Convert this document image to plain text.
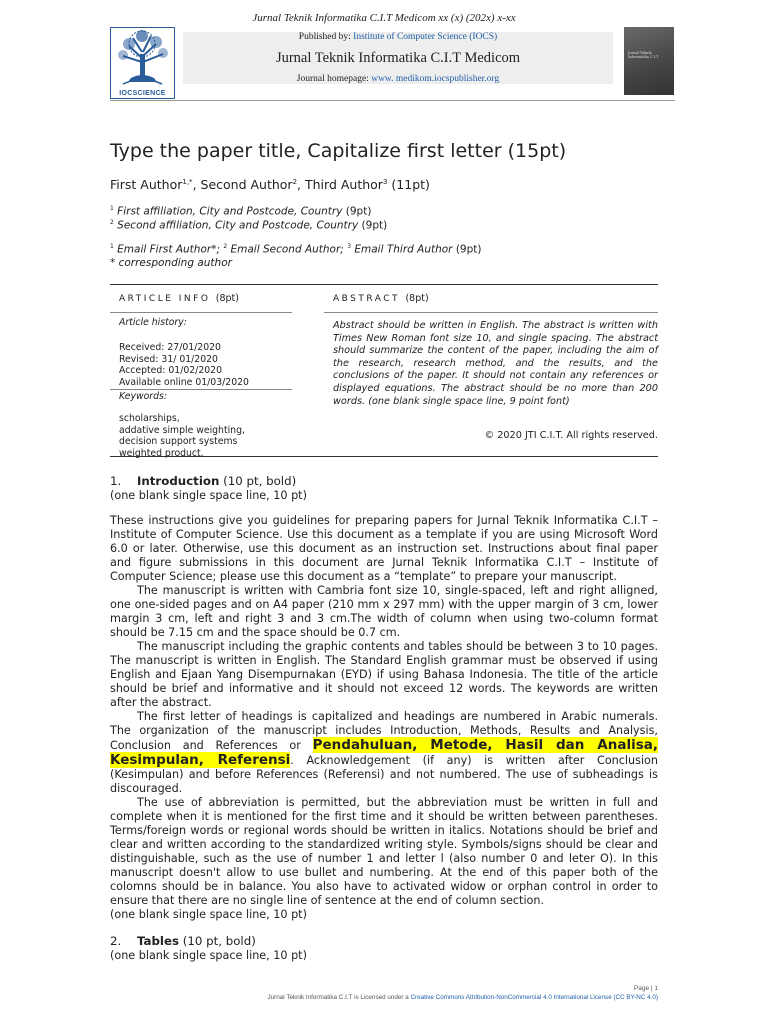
Jurnal Teknik Informatika C.I.T Medicom xx (x) (202x) x-xx
IOCSCIENCE
Published by: Institute of Computer Science (IOCS)
Jurnal Teknik Informatika C.I.T Medicom
Journal homepage: www. medikom.iocspublisher.org
Jurnal Teknik Informatika C.I.T
Type the paper title, Capitalize first letter (15pt)
First Author$^{1,*}$, Second Author$^2$, Third Author$^3$ (11pt)
$^1$ First affiliation, City and Postcode, Country (9pt)
$^2$ Second affiliation, City and Postcode, Country (9pt)
$^1$ Email First Author*; $^2$ Email Second Author; $^3$ Email Third Author (9pt)
* corresponding author
ARTICLE INFO (8pt)	ABSTRACT (8pt)
Article history:
Received: 27/01/2020
Revised: 31/ 01/2020
Accepted: 01/02/2020
Available online 01/03/2020
Keywords:
scholarships,
addative simple weighting,
decision support systems
weighted product.
Abstract should be written in English. The abstract is written with Times New Roman font size 10, and single spacing. The abstract should summarize the content of the paper, including the aim of the research, research method, and the results, and the conclusions of the paper. It should not contain any references or displayed equations. The abstract should be no more than 200 words. (one blank single space line, 9 point font)
© 2020 JTI C.I.T. All rights reserved.
1. Introduction (10 pt, bold)
(one blank single space line, 10 pt)

These instructions give you guidelines for preparing papers for Jurnal Teknik Informatika C.I.T – Institute of Computer Science. Use this document as a template if you are using Microsoft Word 6.0 or later. Otherwise, use this document as an instruction set. Instructions about final paper and figure submissions in this document are Jurnal Teknik Informatika C.I.T – Institute of Computer Science; please use this document as a “template” to prepare your manuscript.

The manuscript is written with Cambria font size 10, single-spaced, left and right alligned, one one-sided pages and on A4 paper (210 mm x 297 mm) with the upper margin of 3 cm, lower margin 3 cm, left and right 3 and 3 cm.The width of column when using two-column format should be 7.15 cm and the space should be 0.7 cm.

The manuscript including the graphic contents and tables should be between 3 to 10 pages. The manuscript is written in English. The Standard English grammar must be observed if using English and Ejaan Yang Disempurnakan (EYD) if using Bahasa Indonesia. The title of the article should be brief and informative and it should not exceed 12 words. The keywords are written after the abstract.

The first letter of headings is capitalized and headings are numbered in Arabic numerals. The organization of the manuscript includes Introduction, Methods, Results and Analysis, Conclusion and References or Pendahuluan, Metode, Hasil dan Analisa, Kesimpulan, Referensi. Acknowledgement (if any) is written after Conclusion (Kesimpulan) and before References (Referensi) and not numbered. The use of subheadings is discouraged.

The use of abbreviation is permitted, but the abbreviation must be written in full and complete when it is mentioned for the first time and it should be written between parentheses. Terms/foreign words or regional words should be written in italics. Notations should be brief and clear and written according to the standardized writing style. Symbols/signs should be clear and distinguishable, such as the use of number 1 and letter l (also number 0 and leter O). In this manuscript doesn't allow to use bullet and numbering. At the end of this paper both of the colomns should be in balance. You also have to activated widow or orphan control in order to ensure that there are no single line of sentence at the end of column section.

(one blank single space line, 10 pt)

2. Tables (10 pt, bold)
(one blank single space line, 10 pt)
Page | 1
Jurnal Teknik Informatika C.I.T is Licensed under a Creative Commons Attribution-NonCommercial 4.0 International License (CC BY-NC 4.0)
